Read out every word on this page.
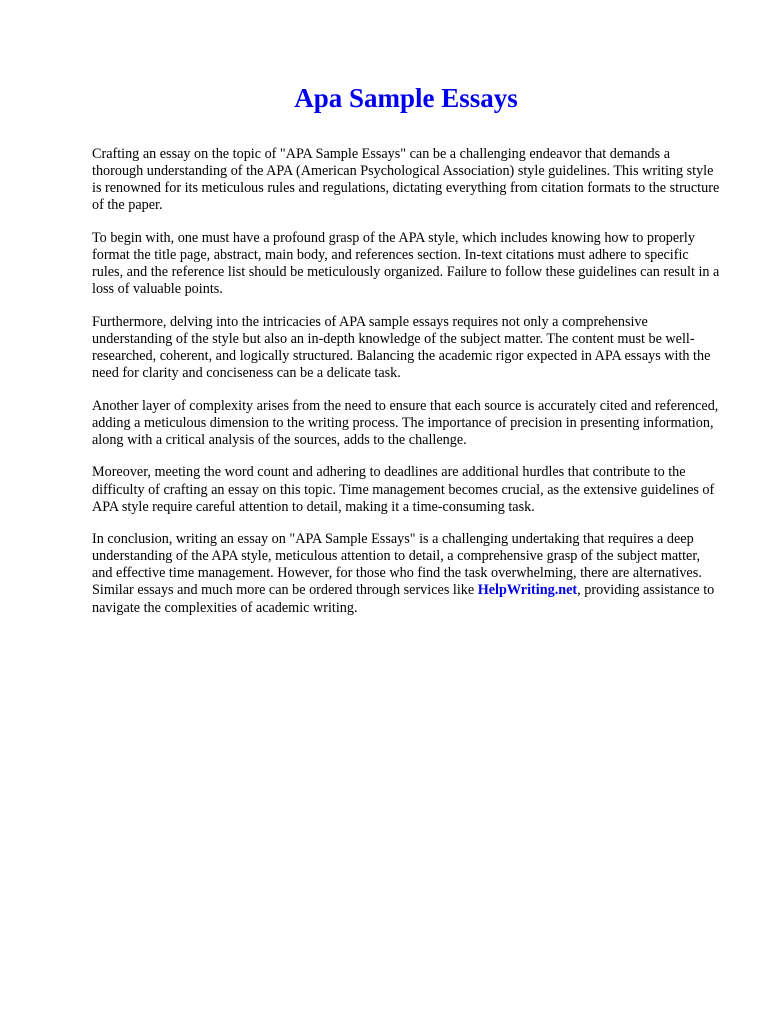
Apa Sample Essays

Crafting an essay on the topic of "APA Sample Essays" can be a challenging endeavor that demands a thorough understanding of the APA (American Psychological Association) style guidelines. This writing style is renowned for its meticulous rules and regulations, dictating everything from citation formats to the structure of the paper.

To begin with, one must have a profound grasp of the APA style, which includes knowing how to properly format the title page, abstract, main body, and references section. In-text citations must adhere to specific rules, and the reference list should be meticulously organized. Failure to follow these guidelines can result in a loss of valuable points.

Furthermore, delving into the intricacies of APA sample essays requires not only a comprehensive understanding of the style but also an in-depth knowledge of the subject matter. The content must be well-researched, coherent, and logically structured. Balancing the academic rigor expected in APA essays with the need for clarity and conciseness can be a delicate task.

Another layer of complexity arises from the need to ensure that each source is accurately cited and referenced, adding a meticulous dimension to the writing process. The importance of precision in presenting information, along with a critical analysis of the sources, adds to the challenge.

Moreover, meeting the word count and adhering to deadlines are additional hurdles that contribute to the difficulty of crafting an essay on this topic. Time management becomes crucial, as the extensive guidelines of APA style require careful attention to detail, making it a time-consuming task.

In conclusion, writing an essay on "APA Sample Essays" is a challenging undertaking that requires a deep understanding of the APA style, meticulous attention to detail, a comprehensive grasp of the subject matter, and effective time management. However, for those who find the task overwhelming, there are alternatives. Similar essays and much more can be ordered through services like HelpWriting.net, providing assistance to navigate the complexities of academic writing.
